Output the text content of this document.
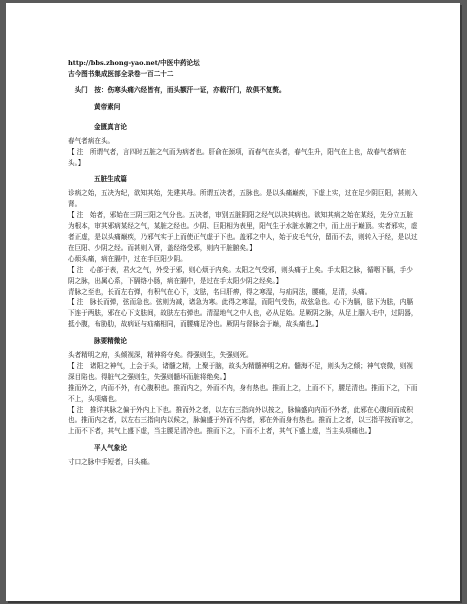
http://bbs.zhong-yao.net/中医中药论坛
古今图书集成医部全录卷一百二十二

　头门　按：伤寒头痛六经皆有，而头额汗一证，亦载汗门，故俱不复赘。

黄帝素问

金匮真言论

春气者病在头。

【 注　所谓气者，言四时五脏之气而为病者也。肝俞在颈项，而春气在头者，春气生升，阳气在上也，故春气者病在头。】

五脏生成篇

诊病之始，五决为纪，欲知其始，先建其母。所谓五决者，五脉也。是以头痛巅疾，下虚上实，过在足少阴巨阳，甚则入肾。

【 注　始者，邪始在三阴三阳之气分也。五决者，审别五脏阴阳之经气以决其病也。欲知其病之始在某经，先分立五脏为根本，审其邪病某经之气，某脏之经也。少阴、巨阳相为表里，阳气生于水脏水腑之中，而上出于巅顶。实者邪实，虚者正虚，是以头痛巅疾，乃邪气实于上而使正气虚于下也。盖邪之中人，始于皮毛气分，留而不去，则转入于经，是以过在巨阳、少阴之经。而甚则入肾，盖经络受邪，则内干脏腑矣。】

心烦头痛，病在膈中，过在手巨阳少阴。

【 注　心部于表，君火之气，外受于邪，则心烦于内矣。太阳之气受邪，则头痛于上矣。手太阳之脉，循咽下膈，手少阴之脉，出属心系，下膈络小肠，病在膈中，是过在手太阳少阴之经矣。】

青脉之至也，长而左右弹，有积气在心下，支胠，名曰肝痹，得之寒湿，与疝同法，腰痛，足清，头痛。

【 注　脉长而弹，弦而急也。弦则为减，诸急为寒。此得之寒湿，而阳气受伤，故弦急也。心下为膈，胠下为胠，内膈下连于两胠，邪在心下支胠间，故肤左右弹也。清湿地气之中人也，必从足始。足厥阴之脉，从足上腘入毛中，过阴器，抵小腹，布胁肋，故病证与疝痛相同，而腰痛足冷也。厥阴与督脉会于巅，故头痛也。】

脉要精微论

头者精明之府，头倾视深，精神将夺矣。得强则生，失强则死。

【 注　诸阳之神气，上会于头，诸髓之精，上聚于脑，故头为精髓神明之府。髓海不足，则头为之倾；神气衰微，则视深目陷也。得脏气之强则生，失强则髓坏而脏将绝矣。】

推而外之，内而不外，有心腹积也。推而内之，外而不内，身有热也。推而上之，上而不下，腰足清也。推而下之，下而不上，头项痛也。

【 注　推详其脉之偏于外内上下也。推而外之者，以左右三指向外以按之，脉偏盛向内而不外者，此邪在心腹间而成积也。推而内之者，以左右三指向内以候之，脉偏盛于外而不内者，邪在外而身有热也。推而上之者，以三指平按而审之，上而不下者，其气上盛下虚，当主腰足清冷也。推而下之，下而不上者，其气下盛上虚，当主头项痛也。】

平人气象论

寸口之脉中手短者，曰头痛。
